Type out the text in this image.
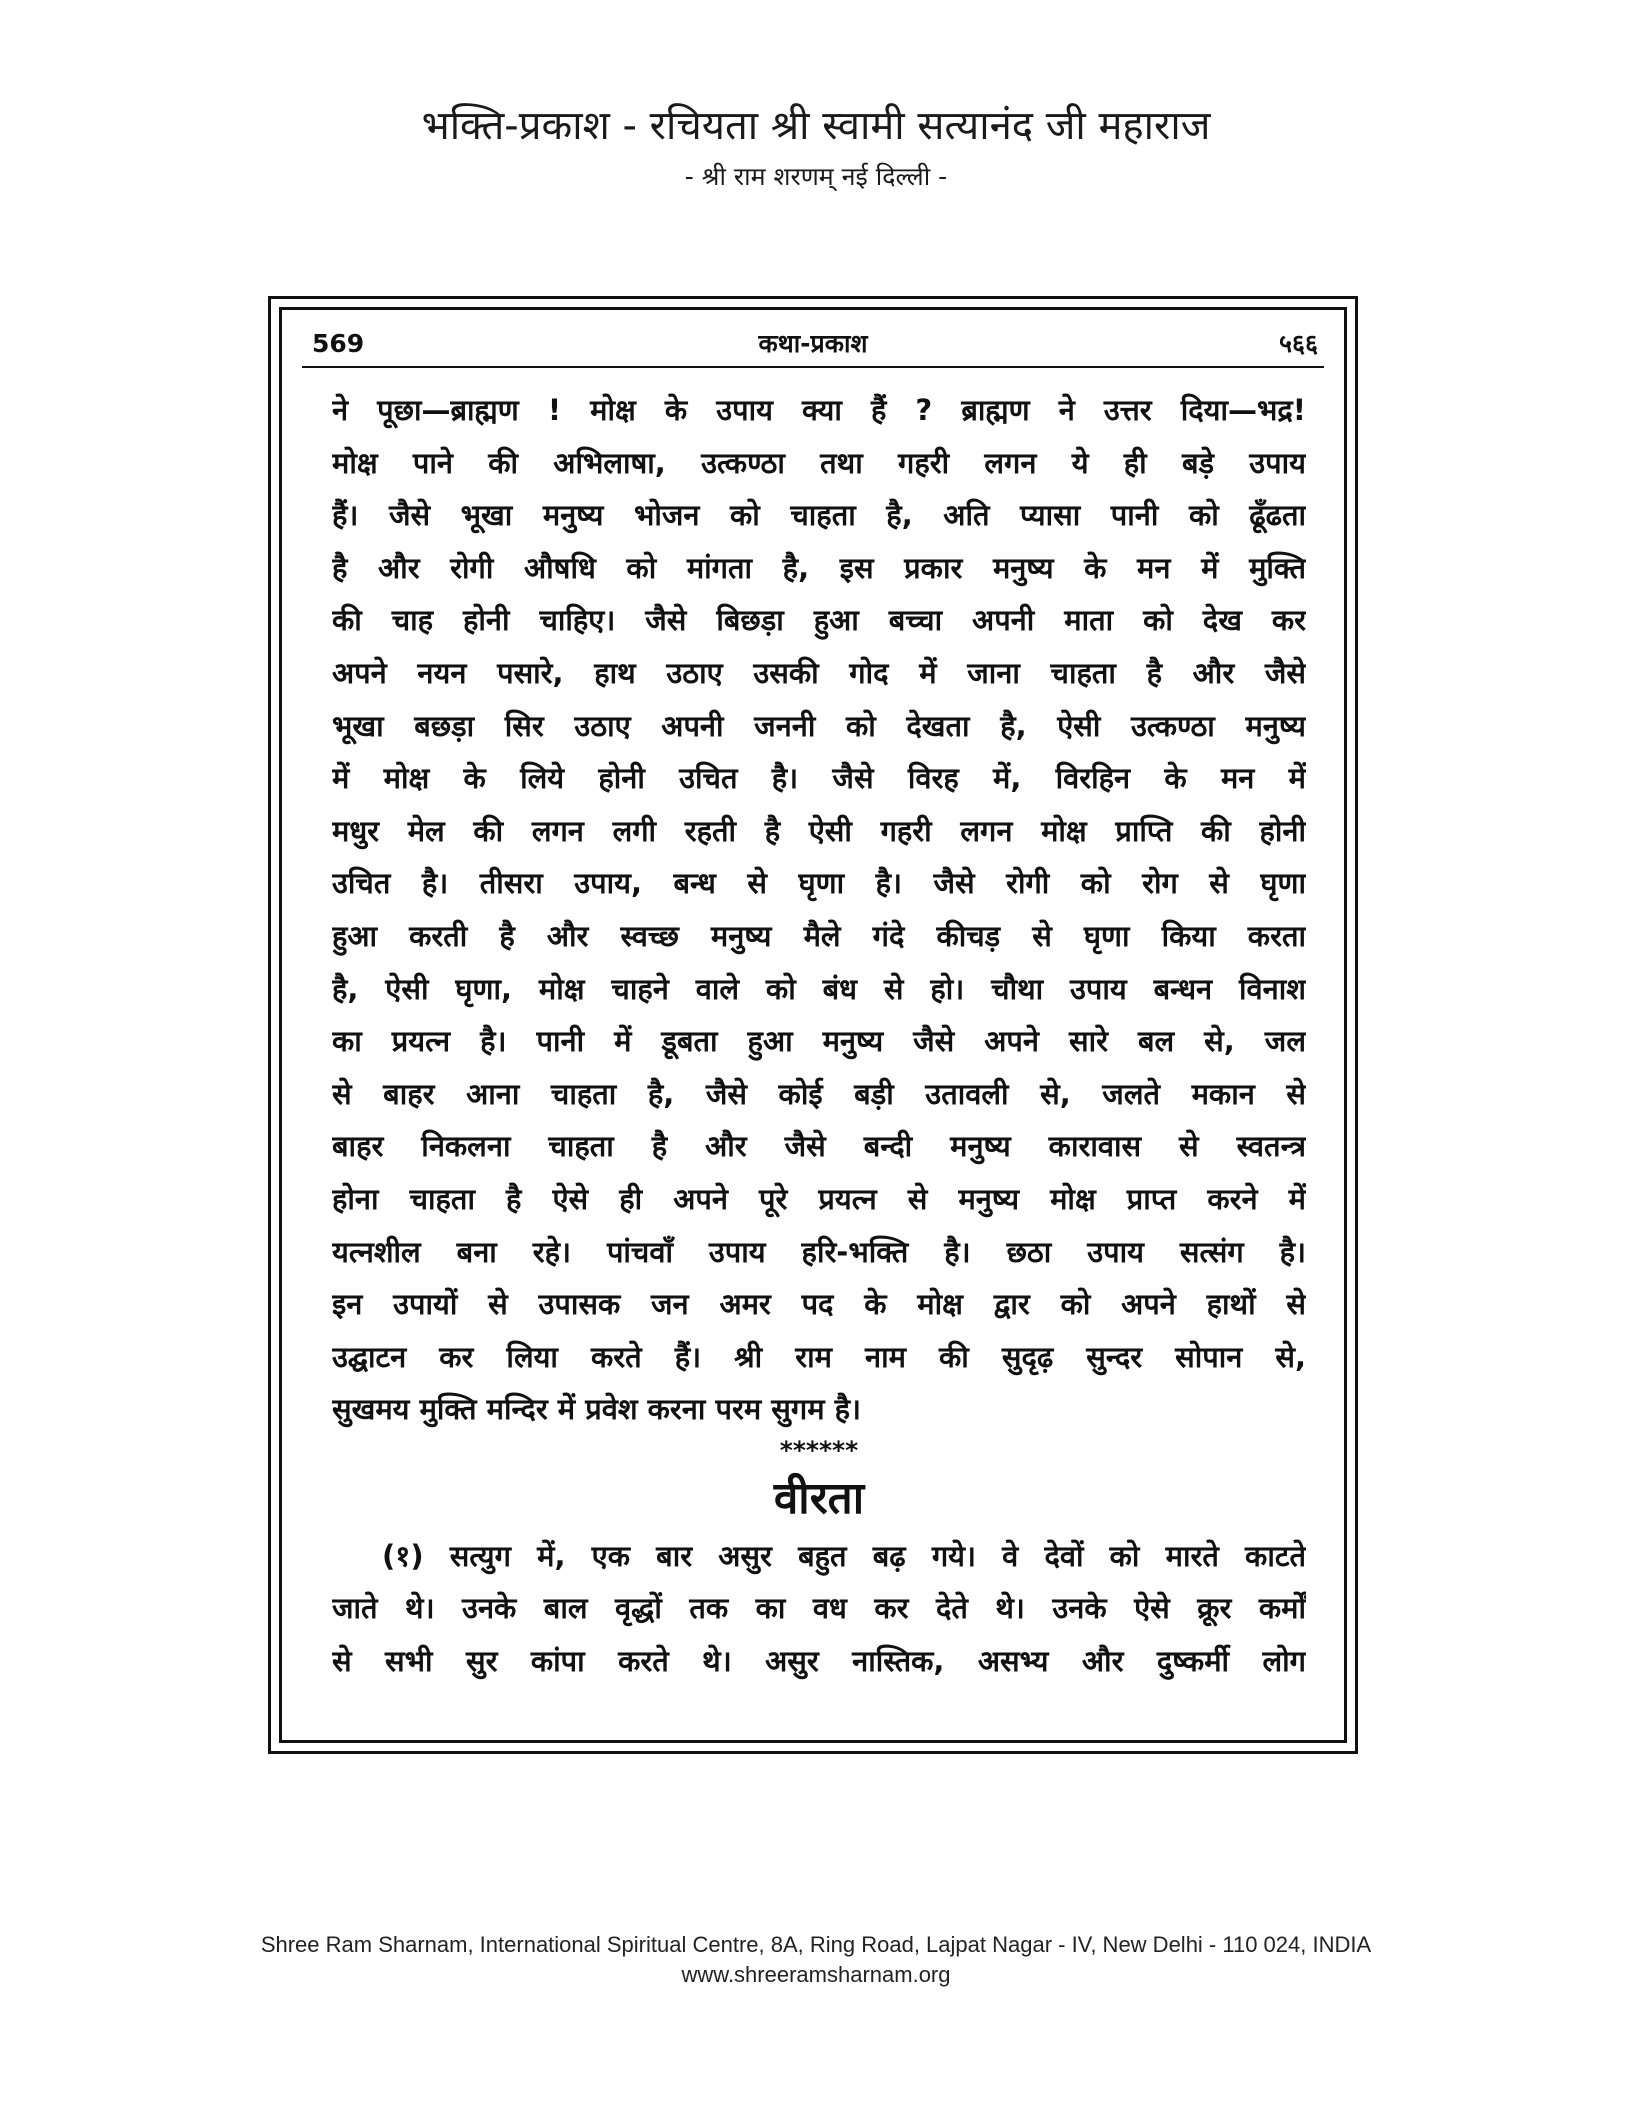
भक्ति-प्रकाश - रचियता श्री स्वामी सत्यानंद जी महाराज
- श्री राम शरणम् नई दिल्ली -
कथा-प्रकाश
569	५६६
ने पूछा—ब्राह्मण ! मोक्ष के उपाय क्या हैं ? ब्राह्मण ने उत्तर दिया—भद्र!
मोक्ष पाने की अभिलाषा, उत्कण्ठा तथा गहरी लगन ये ही बड़े उपाय
हैं। जैसे भूखा मनुष्य भोजन को चाहता है, अति प्यासा पानी को ढूँढता
है और रोगी औषधि को मांगता है, इस प्रकार मनुष्य के मन में मुक्ति
की चाह होनी चाहिए। जैसे बिछड़ा हुआ बच्चा अपनी माता को देख कर
अपने नयन पसारे, हाथ उठाए उसकी गोद में जाना चाहता है और जैसे
भूखा बछड़ा सिर उठाए अपनी जननी को देखता है, ऐसी उत्कण्ठा मनुष्य
में मोक्ष के लिये होनी उचित है। जैसे विरह में, विरहिन के मन में
मधुर मेल की लगन लगी रहती है ऐसी गहरी लगन मोक्ष प्राप्ति की होनी
उचित है। तीसरा उपाय, बन्ध से घृणा है। जैसे रोगी को रोग से घृणा
हुआ करती है और स्वच्छ मनुष्य मैले गंदे कीचड़ से घृणा किया करता
है, ऐसी घृणा, मोक्ष चाहने वाले को बंध से हो। चौथा उपाय बन्धन विनाश
का प्रयत्न है। पानी में डूबता हुआ मनुष्य जैसे अपने सारे बल से, जल
से बाहर आना चाहता है, जैसे कोई बड़ी उतावली से, जलते मकान से
बाहर निकलना चाहता है और जैसे बन्दी मनुष्य कारावास से स्वतन्त्र
होना चाहता है ऐसे ही अपने पूरे प्रयत्न से मनुष्य मोक्ष प्राप्त करने में
यत्नशील बना रहे। पांचवाँ उपाय हरि-भक्ति है। छठा उपाय सत्संग है।
इन उपायों से उपासक जन अमर पद के मोक्ष द्वार को अपने हाथों से
उद्घाटन कर लिया करते हैं। श्री राम नाम की सुदृढ़ सुन्दर सोपान से,
सुखमय मुक्ति मन्दिर में प्रवेश करना परम सुगम है।
******
वीरता
(१) सत्युग में, एक बार असुर बहुत बढ़ गये। वे देवों को मारते काटते
जाते थे। उनके बाल वृद्धों तक का वध कर देते थे। उनके ऐसे क्रूर कर्मों
से सभी सुर कांपा करते थे। असुर नास्तिक, असभ्य और दुष्कर्मी लोग
Shree Ram Sharnam, International Spiritual Centre, 8A, Ring Road, Lajpat Nagar - IV, New Delhi - 110 024, INDIA
www.shreeramsharnam.org
